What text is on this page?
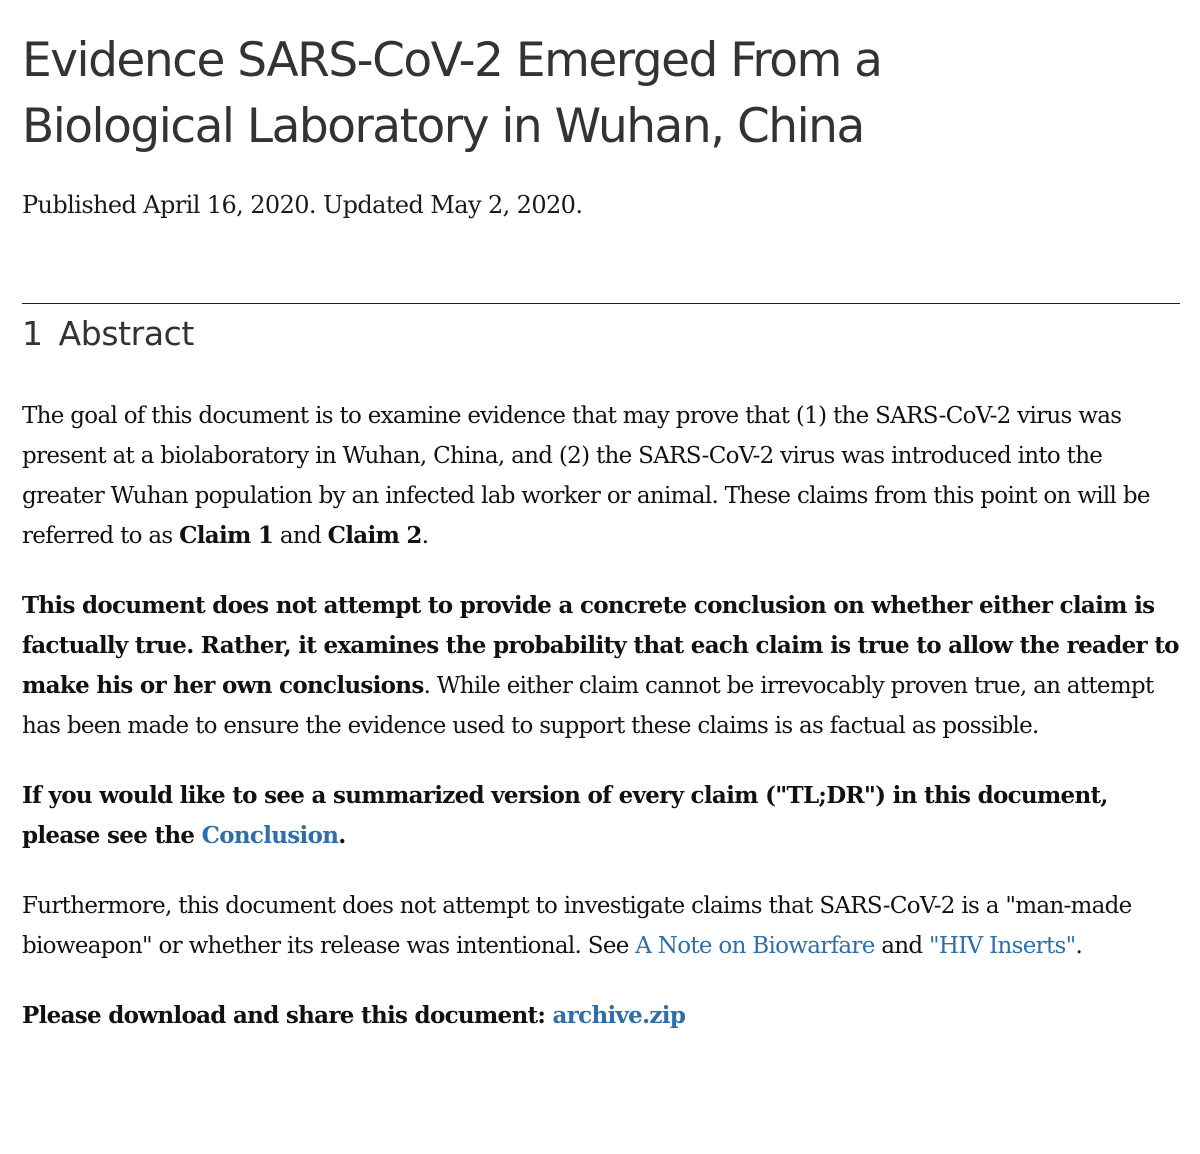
Evidence SARS-CoV-2 Emerged From a
Biological Laboratory in Wuhan, China

Published April 16, 2020. Updated May 2, 2020.

1 Abstract

The goal of this document is to examine evidence that may prove that (1) the SARS-CoV-2 virus was present at a biolaboratory in Wuhan, China, and (2) the SARS-CoV-2 virus was introduced into the greater Wuhan population by an infected lab worker or animal. These claims from this point on will be referred to as Claim 1 and Claim 2.

This document does not attempt to provide a concrete conclusion on whether either claim is factually true. Rather, it examines the probability that each claim is true to allow the reader to make his or her own conclusions. While either claim cannot be irrevocably proven true, an attempt has been made to ensure the evidence used to support these claims is as factual as possible.

If you would like to see a summarized version of every claim ("TL;DR") in this document, please see the Conclusion.

Furthermore, this document does not attempt to investigate claims that SARS-CoV-2 is a "man-made bioweapon" or whether its release was intentional. See A Note on Biowarfare and "HIV Inserts".

Please download and share this document: archive.zip
